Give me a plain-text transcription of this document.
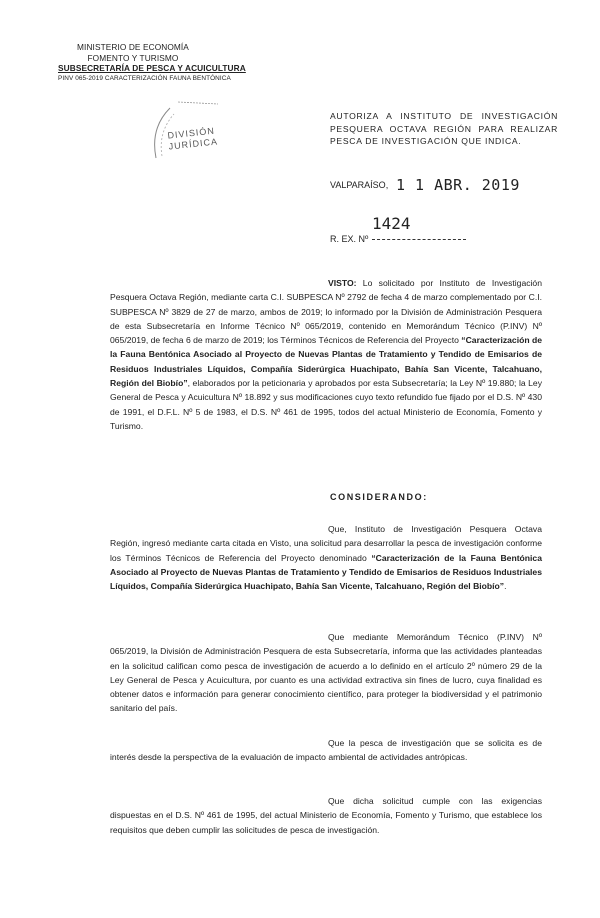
MINISTERIO DE ECONOMÍA
FOMENTO Y TURISMO
SUBSECRETARÍA DE PESCA Y ACUICULTURA
PINV 065-2019 CARACTERIZACIÓN FAUNA BENTÓNICA
DIVISIÓN
JURÍDICA
AUTORIZA A INSTITUTO DE INVESTIGACIÓN PESQUERA OCTAVA REGIÓN PARA REALIZAR PESCA DE INVESTIGACIÓN QUE INDICA.
VALPARAÍSO, 1 1 ABR. 2019
R. EX. Nº
1424
VISTO: Lo solicitado por Instituto de Investigación Pesquera Octava Región, mediante carta C.I. SUBPESCA Nº 2792 de fecha 4 de marzo complementado por C.I. SUBPESCA Nº 3829 de 27 de marzo, ambos de 2019; lo informado por la División de Administración Pesquera de esta Subsecretaría en Informe Técnico Nº 065/2019, contenido en Memorándum Técnico (P.INV) Nº 065/2019, de fecha 6 de marzo de 2019; los Términos Técnicos de Referencia del Proyecto “Caracterización de la Fauna Bentónica Asociado al Proyecto de Nuevas Plantas de Tratamiento y Tendido de Emisarios de Residuos Industriales Líquidos, Compañía Siderúrgica Huachipato, Bahía San Vicente, Talcahuano, Región del Biobío”, elaborados por la peticionaria y aprobados por esta Subsecretaría; la Ley Nº 19.880; la Ley General de Pesca y Acuicultura Nº 18.892 y sus modificaciones cuyo texto refundido fue fijado por el D.S. Nº 430 de 1991, el D.F.L. Nº 5 de 1983, el D.S. Nº 461 de 1995, todos del actual Ministerio de Economía, Fomento y Turismo.
CONSIDERANDO:
Que, Instituto de Investigación Pesquera Octava Región, ingresó mediante carta citada en Visto, una solicitud para desarrollar la pesca de investigación conforme los Términos Técnicos de Referencia del Proyecto denominado “Caracterización de la Fauna Bentónica Asociado al Proyecto de Nuevas Plantas de Tratamiento y Tendido de Emisarios de Residuos Industriales Líquidos, Compañía Siderúrgica Huachipato, Bahía San Vicente, Talcahuano, Región del Biobío”.
Que mediante Memorándum Técnico (P.INV) Nº 065/2019, la División de Administración Pesquera de esta Subsecretaría, informa que las actividades planteadas en la solicitud califican como pesca de investigación de acuerdo a lo definido en el artículo 2º número 29 de la Ley General de Pesca y Acuicultura, por cuanto es una actividad extractiva sin fines de lucro, cuya finalidad es obtener datos e información para generar conocimiento científico, para proteger la biodiversidad y el patrimonio sanitario del país.
Que la pesca de investigación que se solicita es de interés desde la perspectiva de la evaluación de impacto ambiental de actividades antrópicas.
Que dicha solicitud cumple con las exigencias dispuestas en el D.S. Nº 461 de 1995, del actual Ministerio de Economía, Fomento y Turismo, que establece los requisitos que deben cumplir las solicitudes de pesca de investigación.
